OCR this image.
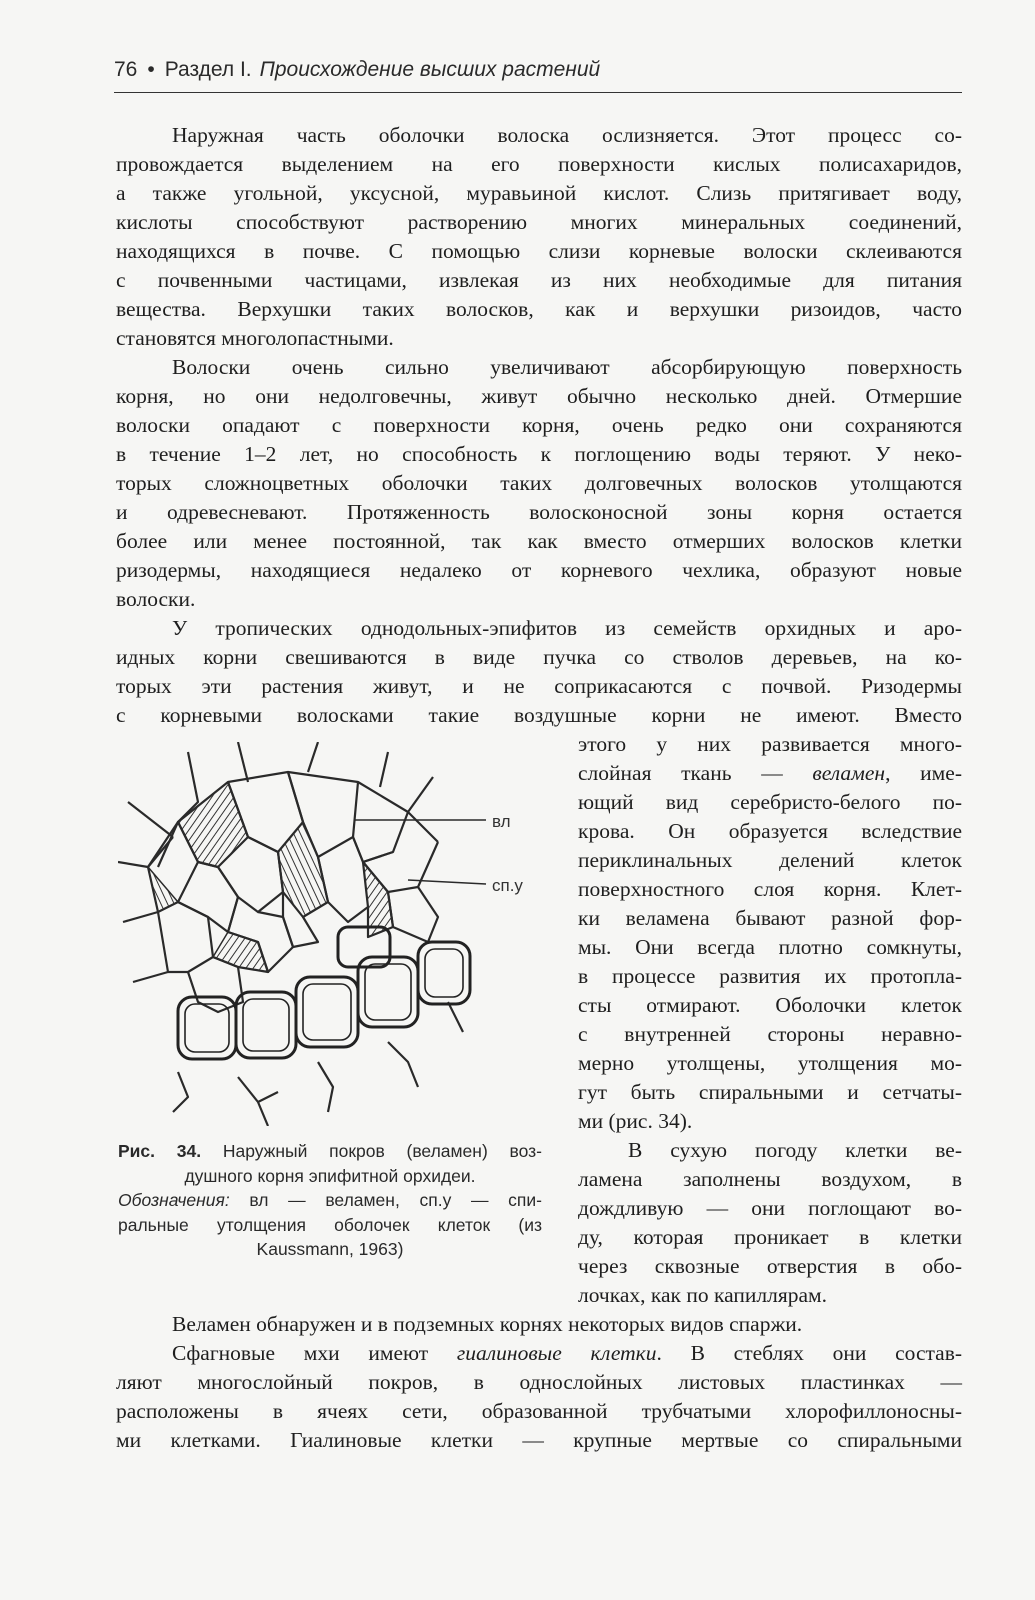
76 • Раздел I. Происхождение высших растений
Наружная часть оболочки волоска ослизняется. Этот процесс со-
провождается выделением на его поверхности кислых полисахаридов,
а также угольной, уксусной, муравьиной кислот. Слизь притягивает воду,
кислоты способствуют растворению многих минеральных соединений,
находящихся в почве. С помощью слизи корневые волоски склеиваются
с почвенными частицами, извлекая из них необходимые для питания
вещества. Верхушки таких волосков, как и верхушки ризоидов, часто
становятся многолопастными.
Волоски очень сильно увеличивают абсорбирующую поверхность
корня, но они недолговечны, живут обычно несколько дней. Отмершие
волоски опадают с поверхности корня, очень редко они сохраняются
в течение 1–2 лет, но способность к поглощению воды теряют. У неко-
торых сложноцветных оболочки таких долговечных волосков утолщаются
и одревесневают. Протяженность волосконосной зоны корня остается
более или менее постоянной, так как вместо отмерших волосков клетки
ризодермы, находящиеся недалеко от корневого чехлика, образуют новые
волоски.
У тропических однодольных-эпифитов из семейств орхидных и аро-
идных корни свешиваются в виде пучка со стволов деревьев, на ко-
торых эти растения живут, и не соприкасаются с почвой. Ризодермы
с корневыми волосками такие воздушные корни не имеют. Вместо
этого у них развивается много-
слойная ткань — веламен, име-
ющий вид серебристо-белого по-
крова. Он образуется вследствие
периклинальных делений клеток
поверхностного слоя корня. Клет-
ки веламена бывают разной фор-
мы. Они всегда плотно сомкнуты,
в процессе развития их протопла-
сты отмирают. Оболочки клеток
с внутренней стороны неравно-
мерно утолщены, утолщения мо-
гут быть спиральными и сетчаты-
ми (рис. 34).
В сухую погоду клетки ве-
ламена заполнены воздухом, в
дождливую — они поглощают во-
ду, которая проникает в клетки
через сквозные отверстия в обо-
лочках, как по капиллярам.
Веламен обнаружен и в подземных корнях некоторых видов спаржи.
Сфагновые мхи имеют гиалиновые клетки. В стеблях они состав-
ляют многослойный покров, в однослойных листовых пластинках —
расположены в ячеях сети, образованной трубчатыми хлорофиллоносны-
ми клетками. Гиалиновые клетки — крупные мертвые со спиральными
вл
сп.у
Рис. 34. Наружный покров (веламен) воз-
душного корня эпифитной орхидеи.
Обозначения: вл — веламен, сп.у — спи-
ральные утолщения оболочек клеток (из
Kaussmann, 1963)
